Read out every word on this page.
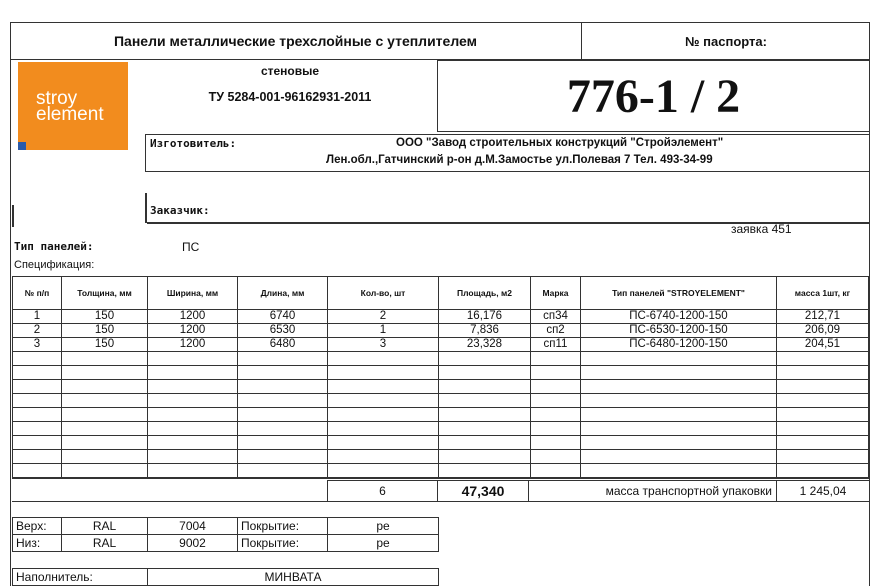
Панели металлические трехслойные с утеплителем	№ паспорта:
stroy
element
стеновые
ТУ 5284-001-96162931-2011	776-1 / 2
Изготовитель:	ООО "Завод строительных конструкций "Стройэлемент"
Лен.обл.,Гатчинский р-он д.М.Замостье ул.Полевая 7 Тел. 493-34-99
Заказчик:
заявка 451
Тип панелей:	ПС
Спецификация:
№ п/п	Толщина, мм	Ширина, мм	Длина, мм	Кол-во, шт	Площадь, м2	Марка	Тип панелей "STROYELEMENT"	масса 1шт, кг
1	150	1200	6740	2	16,176	сп34	ПС-6740-1200-150	212,71
2	150	1200	6530	1	7,836	сп2	ПС-6530-1200-150	206,09
3	150	1200	6480	3	23,328	сп11	ПС-6480-1200-150	204,51

6	47,340	масса транспортной упаковки	1 245,04
Верх:	RAL	7004	Покрытие:	pe
Низ:	RAL	9002	Покрытие:	pe
Наполнитель:	МИНВАТА
